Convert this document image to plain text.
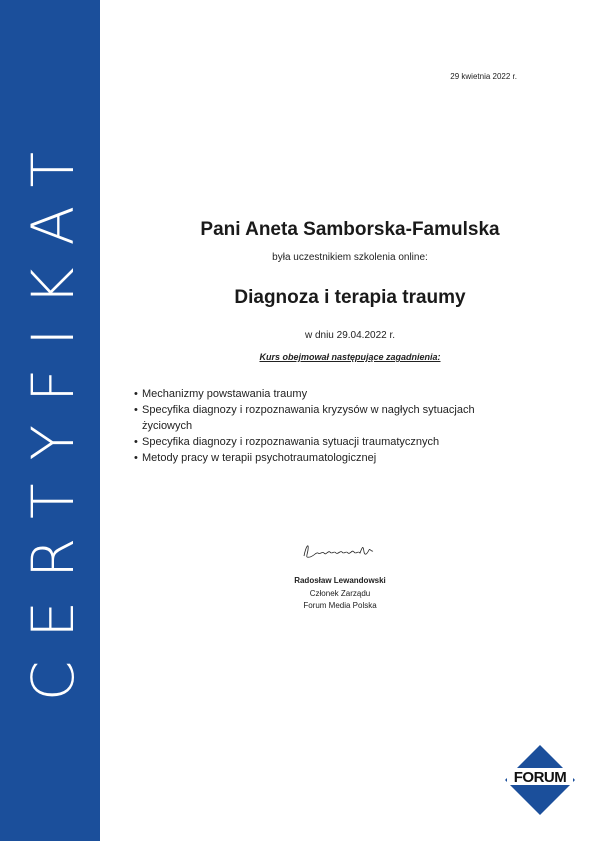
CERTYFIKAT
29 kwietnia 2022 r.
Pani Aneta Samborska-Famulska
była uczestnikiem szkolenia online:
Diagnoza i terapia traumy
w dniu 29.04.2022 r.
Kurs obejmował następujące zagadnienia:
• Mechanizmy powstawania traumy
• Specyfika diagnozy i rozpoznawania kryzysów w nagłych sytuacjach życiowych
• Specyfika diagnozy i rozpoznawania sytuacji traumatycznych
• Metody pracy w terapii psychotraumatologicznej
Radosław Lewandowski
Członek Zarządu
Forum Media Polska
FORUM
